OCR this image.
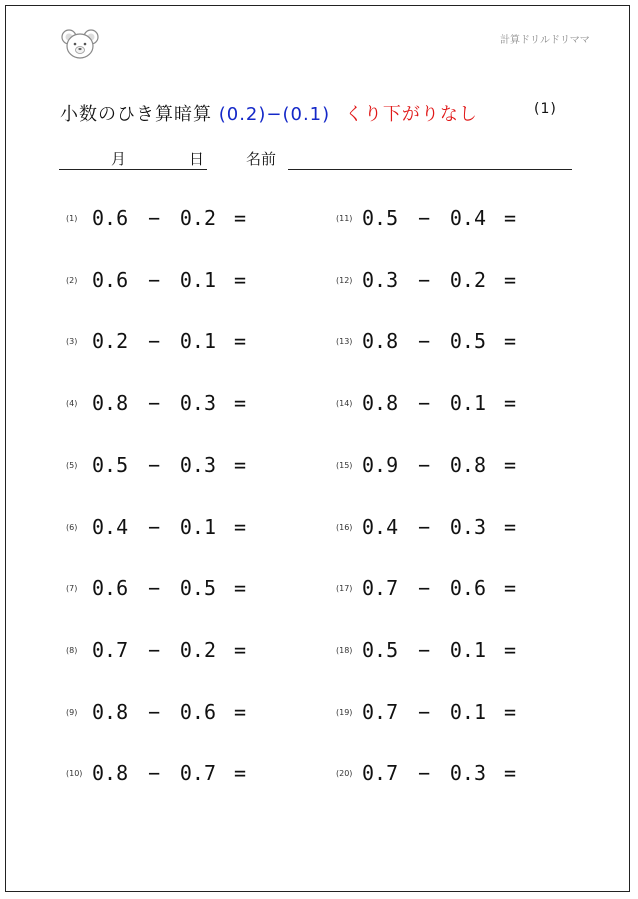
計算ドリルドリママ
小数のひき算暗算 (0.2)−(0.1) くり下がりなし	(1)
月	日	名前
(1) 0.6 − 0.2 =
(2) 0.6 − 0.1 =
(3) 0.2 − 0.1 =
(4) 0.8 − 0.3 =
(5) 0.5 − 0.3 =
(6) 0.4 − 0.1 =
(7) 0.6 − 0.5 =
(8) 0.7 − 0.2 =
(9) 0.8 − 0.6 =
(10) 0.8 − 0.7 =
(11) 0.5 − 0.4 =
(12) 0.3 − 0.2 =
(13) 0.8 − 0.5 =
(14) 0.8 − 0.1 =
(15) 0.9 − 0.8 =
(16) 0.4 − 0.3 =
(17) 0.7 − 0.6 =
(18) 0.5 − 0.1 =
(19) 0.7 − 0.1 =
(20) 0.7 − 0.3 =
